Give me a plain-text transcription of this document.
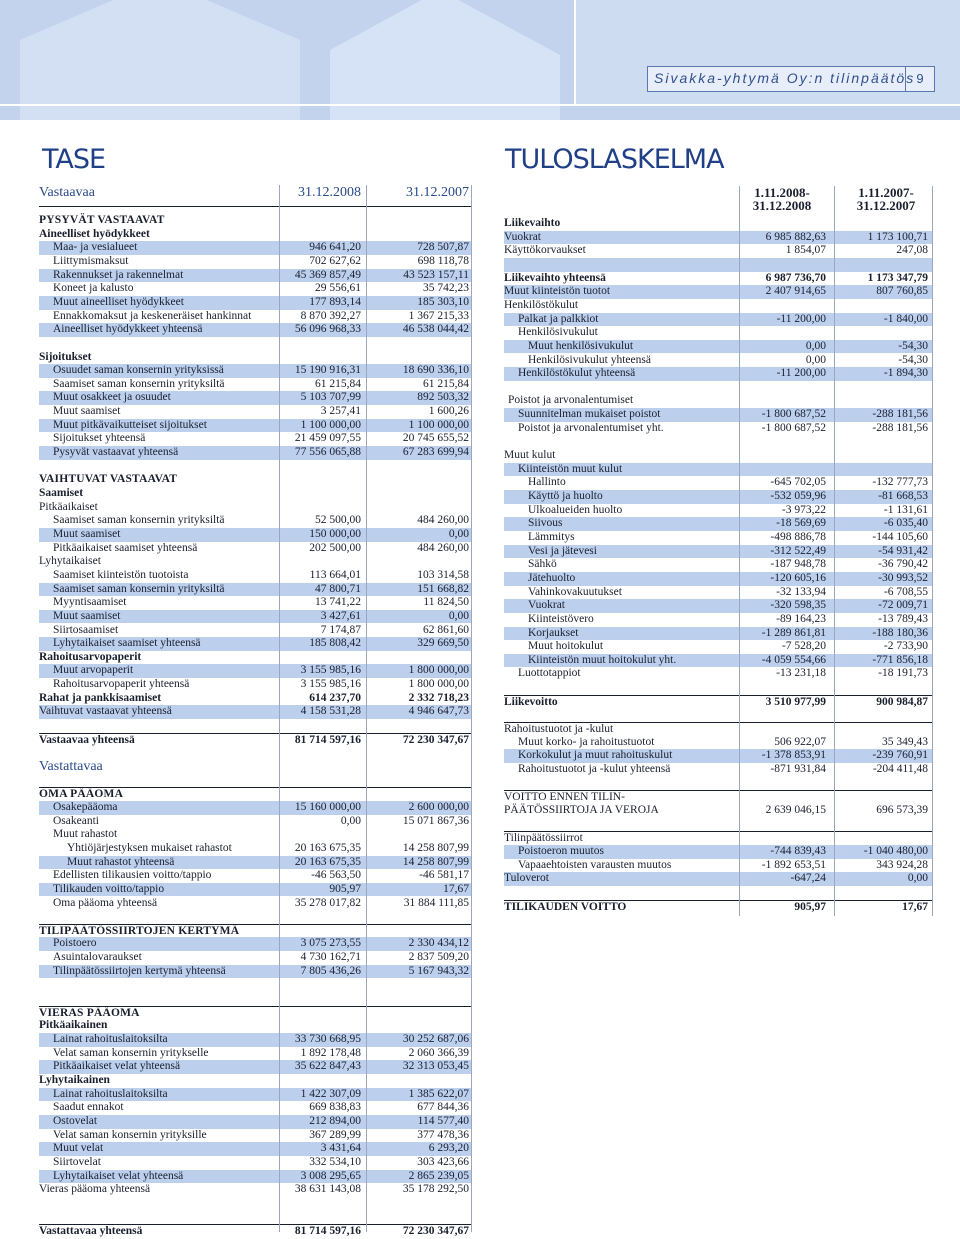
Sivakka-yhtymä Oy:n tilinpäätös 9
TASE	TULOSLASKELMA
Vastaavaa	31.12.2008	31.12.2007
PYSYVÄT VASTAAVAT
Aineelliset hyödykkeet
Maa- ja vesialueet	946 641,20	728 507,87
Liittymismaksut	702 627,62	698 118,78
Rakennukset ja rakennelmat	45 369 857,49	43 523 157,11
Koneet ja kalusto	29 556,61	35 742,23
Muut aineelliset hyödykkeet	177 893,14	185 303,10
Ennakkomaksut ja keskeneräiset hankinnat	8 870 392,27	1 367 215,33
Aineelliset hyödykkeet yhteensä	56 096 968,33	46 538 044,42
Sijoitukset
Osuudet saman konsernin yrityksissä	15 190 916,31	18 690 336,10
Saamiset saman konsernin yrityksiltä	61 215,84	61 215,84
Muut osakkeet ja osuudet	5 103 707,99	892 503,32
Muut saamiset	3 257,41	1 600,26
Muut pitkävaikutteiset sijoitukset	1 100 000,00	1 100 000,00
Sijoitukset yhteensä	21 459 097,55	20 745 655,52
Pysyvät vastaavat yhteensä	77 556 065,88	67 283 699,94
VAIHTUVAT VASTAAVAT
Saamiset
Pitkäaikaiset
Saamiset saman konsernin yrityksiltä	52 500,00	484 260,00
Muut saamiset	150 000,00	0,00
Pitkäaikaiset saamiset yhteensä	202 500,00	484 260,00
Lyhytaikaiset
Saamiset kiinteistön tuotoista	113 664,01	103 314,58
Saamiset saman konsernin yrityksiltä	47 800,71	151 668,82
Myyntisaamiset	13 741,22	11 824,50
Muut saamiset	3 427,61	0,00
Siirtosaamiset	7 174,87	62 861,60
Lyhytaikaiset saamiset yhteensä	185 808,42	329 669,50
Rahoitusarvopaperit
Muut arvopaperit	3 155 985,16	1 800 000,00
Rahoitusarvopaperit yhteensä	3 155 985,16	1 800 000,00
Rahat ja pankkisaamiset	614 237,70	2 332 718,23
Vaihtuvat vastaavat yhteensä	4 158 531,28	4 946 647,73
Vastaavaa yhteensä	81 714 597,16	72 230 347,67
Vastattavaa
OMA PÄÄOMA
Osakepääoma	15 160 000,00	2 600 000,00
Osakeanti	0,00	15 071 867,36
Muut rahastot
Yhtiöjärjestyksen mukaiset rahastot	20 163 675,35	14 258 807,99
Muut rahastot yhteensä	20 163 675,35	14 258 807,99
Edellisten tilikausien voitto/tappio	-46 563,50	-46 581,17
Tilikauden voitto/tappio	905,97	17,67
Oma pääoma yhteensä	35 278 017,82	31 884 111,85
TILIPÄÄTÖSSIIRTOJEN KERTYMÄ
Poistoero	3 075 273,55	2 330 434,12
Asuintalovaraukset	4 730 162,71	2 837 509,20
Tilinpäätössiirtojen kertymä yhteensä	7 805 436,26	5 167 943,32
VIERAS PÄÄOMA
Pitkäaikainen
Lainat rahoituslaitoksilta	33 730 668,95	30 252 687,06
Velat saman konsernin yritykselle	1 892 178,48	2 060 366,39
Pitkäaikaiset velat yhteensä	35 622 847,43	32 313 053,45
Lyhytaikainen
Lainat rahoituslaitoksilta	1 422 307,09	1 385 622,07
Saadut ennakot	669 838,83	677 844,36
Ostovelat	212 894,00	114 577,40
Velat saman konsernin yrityksille	367 289,99	377 478,36
Muut velat	3 431,64	6 293,20
Siirtovelat	332 534,10	303 423,66
Lyhytaikaiset velat yhteensä	3 008 295,65	2 865 239,05
Vieras pääoma yhteensä	38 631 143,08	35 178 292,50
Vastattavaa yhteensä	81 714 597,16	72 230 347,67
1.11.2008-
31.12.2008
1.11.2007-
31.12.2007
Liikevaihto
Vuokrat	6 985 882,63	1 173 100,71
Käyttökorvaukset	1 854,07	247,08
Liikevaihto yhteensä	6 987 736,70	1 173 347,79
Muut kiinteistön tuotot	2 407 914,65	807 760,85
Henkilöstökulut
Palkat ja palkkiot	-11 200,00	-1 840,00
Henkilösivukulut
Muut henkilösivukulut	0,00	-54,30
Henkilösivukulut yhteensä	0,00	-54,30
Henkilöstökulut yhteensä	-11 200,00	-1 894,30
Poistot ja arvonalentumiset
Suunnitelman mukaiset poistot	-1 800 687,52	-288 181,56
Poistot ja arvonalentumiset yht.	-1 800 687,52	-288 181,56
Muut kulut
Kiinteistön muut kulut
Hallinto	-645 702,05	-132 777,73
Käyttö ja huolto	-532 059,96	-81 668,53
Ulkoalueiden huolto	-3 973,22	-1 131,61
Siivous	-18 569,69	-6 035,40
Lämmitys	-498 886,78	-144 105,60
Vesi ja jätevesi	-312 522,49	-54 931,42
Sähkö	-187 948,78	-36 790,42
Jätehuolto	-120 605,16	-30 993,52
Vahinkovakuutukset	-32 133,94	-6 708,55
Vuokrat	-320 598,35	-72 009,71
Kiinteistövero	-89 164,23	-13 789,43
Korjaukset	-1 289 861,81	-188 180,36
Muut hoitokulut	-7 528,20	-2 733,90
Kiinteistön muut hoitokulut yht.	-4 059 554,66	-771 856,18
Luottotappiot	-13 231,18	-18 191,73
Liikevoitto	3 510 977,99	900 984,87
Rahoitustuotot ja -kulut
Muut korko- ja rahoitustuotot	506 922,07	35 349,43
Korkokulut ja muut rahoituskulut	-1 378 853,91	-239 760,91
Rahoitustuotot ja -kulut yhteensä	-871 931,84	-204 411,48
VOITTO ENNEN TILIN-
PÄÄTÖSSIIRTOJA JA VEROJA	2 639 046,15	696 573,39
Tilinpäätössiirrot
Poistoeron muutos	-744 839,43	-1 040 480,00
Vapaaehtoisten varausten muutos	-1 892 653,51	343 924,28
Tuloverot	-647,24	0,00
TILIKAUDEN VOITTO	905,97	17,67
